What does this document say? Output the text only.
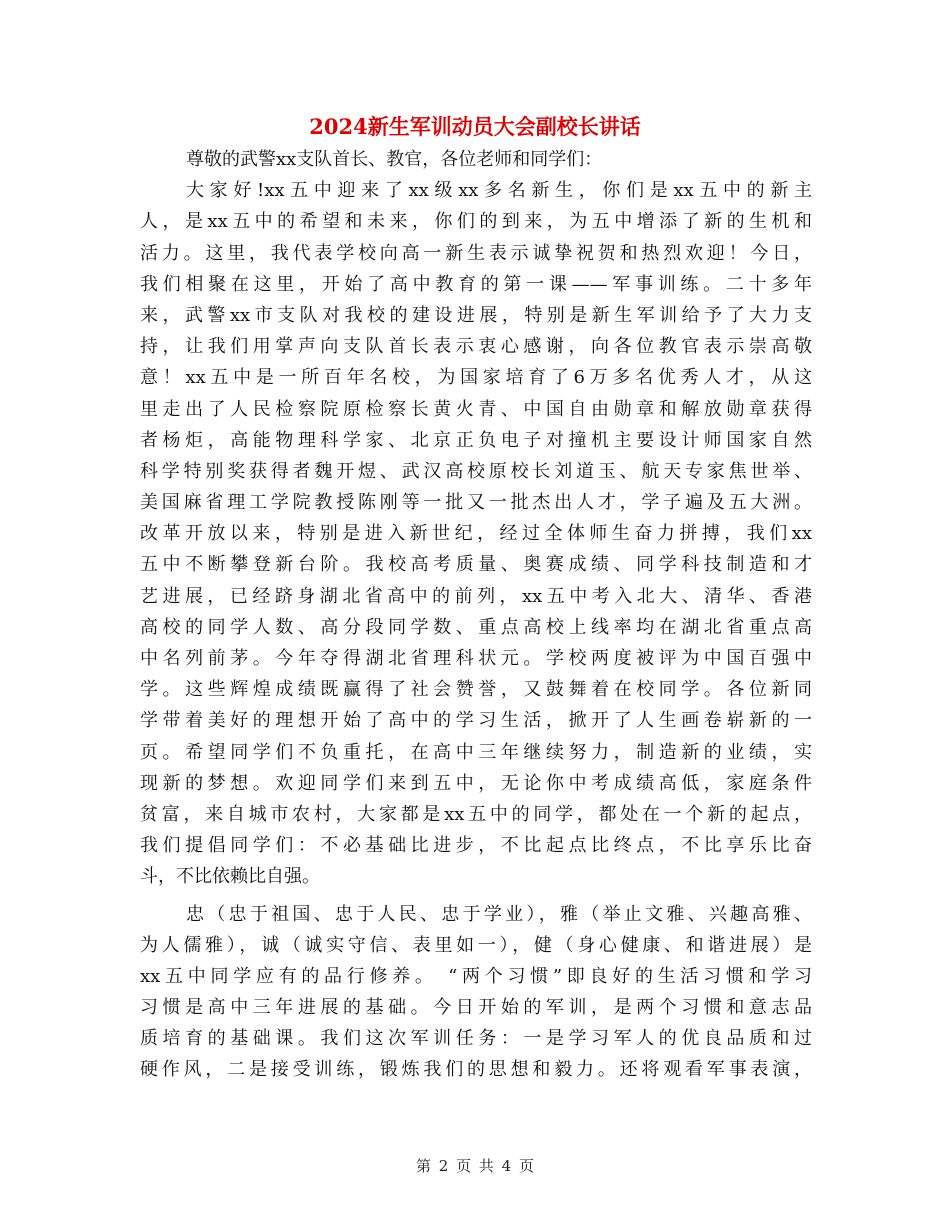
2024新生军训动员大会副校长讲话
尊敬的武警xx支队首长、教官，各位老师和同学们：
大家好!xx五中迎来了xx级xx多名新生，你们是xx五中的新主
人，是xx五中的希望和未来，你们的到来，为五中增添了新的生机和
活力。这里，我代表学校向高一新生表示诚挚祝贺和热烈欢迎！今日，
我们相聚在这里，开始了高中教育的第一课——军事训练。二十多年
来，武警xx市支队对我校的建设进展，特别是新生军训给予了大力支
持，让我们用掌声向支队首长表示衷心感谢，向各位教官表示崇高敬
意！xx五中是一所百年名校，为国家培育了6万多名优秀人才，从这
里走出了人民检察院原检察长黄火青、中国自由勋章和解放勋章获得
者杨炬，高能物理科学家、北京正负电子对撞机主要设计师国家自然
科学特别奖获得者魏开煜、武汉高校原校长刘道玉、航天专家焦世举、
美国麻省理工学院教授陈刚等一批又一批杰出人才，学子遍及五大洲。
改革开放以来，特别是进入新世纪，经过全体师生奋力拼搏，我们xx
五中不断攀登新台阶。我校高考质量、奥赛成绩、同学科技制造和才
艺进展，已经跻身湖北省高中的前列，xx五中考入北大、清华、香港
高校的同学人数、高分段同学数、重点高校上线率均在湖北省重点高
中名列前茅。今年夺得湖北省理科状元。学校两度被评为中国百强中
学。这些辉煌成绩既赢得了社会赞誉，又鼓舞着在校同学。各位新同
学带着美好的理想开始了高中的学习生活，掀开了人生画卷崭新的一
页。希望同学们不负重托，在高中三年继续努力，制造新的业绩，实
现新的梦想。欢迎同学们来到五中，无论你中考成绩高低，家庭条件
贫富，来自城市农村，大家都是xx五中的同学，都处在一个新的起点，
我们提倡同学们：不必基础比进步，不比起点比终点，不比享乐比奋
斗，不比依赖比自强。
忠（忠于祖国、忠于人民、忠于学业），雅（举止文雅、兴趣高雅、
为人儒雅），诚（诚实守信、表里如一），健（身心健康、和谐进展）是
xx五中同学应有的品行修养。 “两个习惯”即良好的生活习惯和学习
习惯是高中三年进展的基础。今日开始的军训，是两个习惯和意志品
质培育的基础课。我们这次军训任务：一是学习军人的优良品质和过
硬作风，二是接受训练，锻炼我们的思想和毅力。还将观看军事表演，
第 2 页 共 4 页
